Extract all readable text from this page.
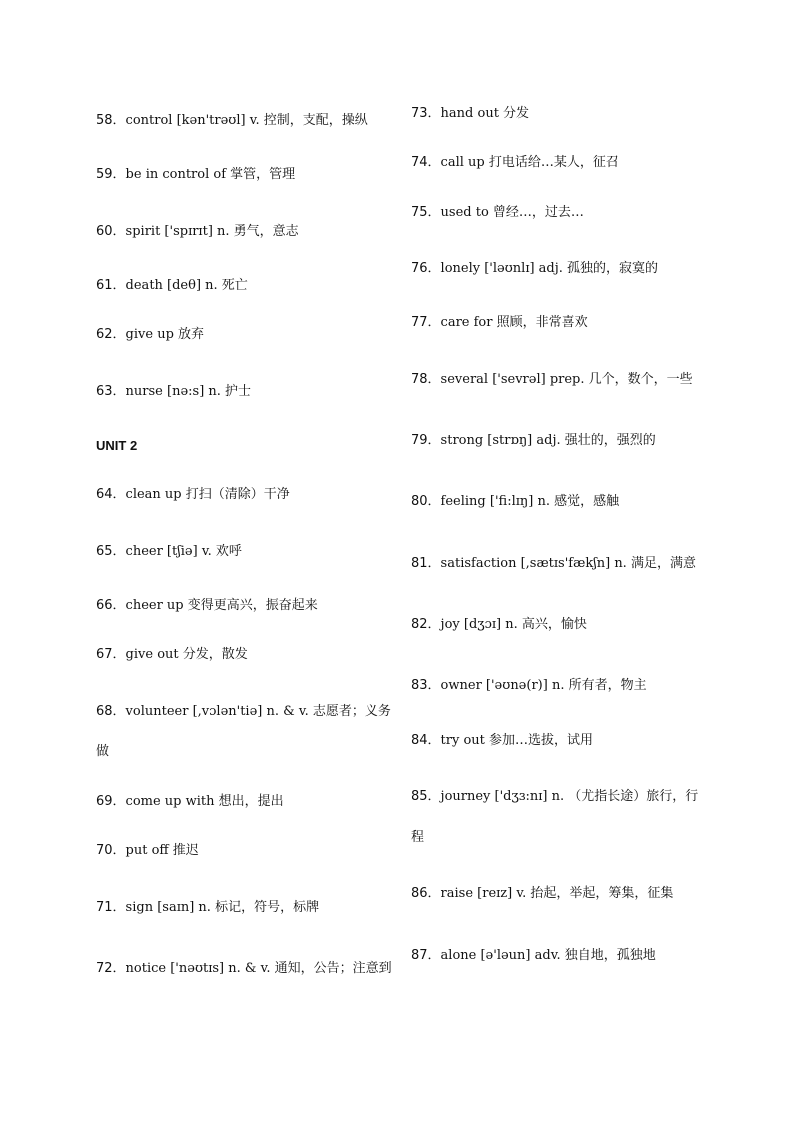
58．control [kən'trəʊl] v. 控制，支配，操纵
59．be in control of 掌管，管理
60．spirit ['spɪrɪt] n. 勇气，意志
61．death [deθ] n. 死亡
62．give up 放弃
63．nurse [nə:s] n. 护士
UNIT 2
64．clean up 打扫（清除）干净
65．cheer [tʃiə] v. 欢呼
66．cheer up 变得更高兴，振奋起来
67．give out 分发，散发
68．volunteer [,vɔlən'tiə] n. & v. 志愿者；义务
做
69．come up with 想出，提出
70．put off 推迟
71．sign [saɪn] n. 标记，符号，标牌
72．notice ['nəʊtɪs] n. & v. 通知，公告；注意到
73．hand out 分发
74．call up 打电话给…某人，征召
75．used to 曾经…，过去…
76．lonely ['ləʊnlɪ] adj. 孤独的，寂寞的
77．care for 照顾，非常喜欢
78．several ['sevrəl] prep. 几个，数个，一些
79．strong [strɒŋ] adj. 强壮的，强烈的
80．feeling ['fi:lɪŋ] n. 感觉，感触
81．satisfaction [,sætɪs'fækʃn] n. 满足，满意
82．joy [dʒɔɪ] n. 高兴，愉快
83．owner ['əʊnə(r)] n. 所有者，物主
84．try out 参加…选拔，试用
85．journey ['dʒɜ:nɪ] n. （尤指长途）旅行，行
程
86．raise [reɪz] v. 抬起，举起，筹集，征集
87．alone [ə'ləun] adv. 独自地，孤独地
